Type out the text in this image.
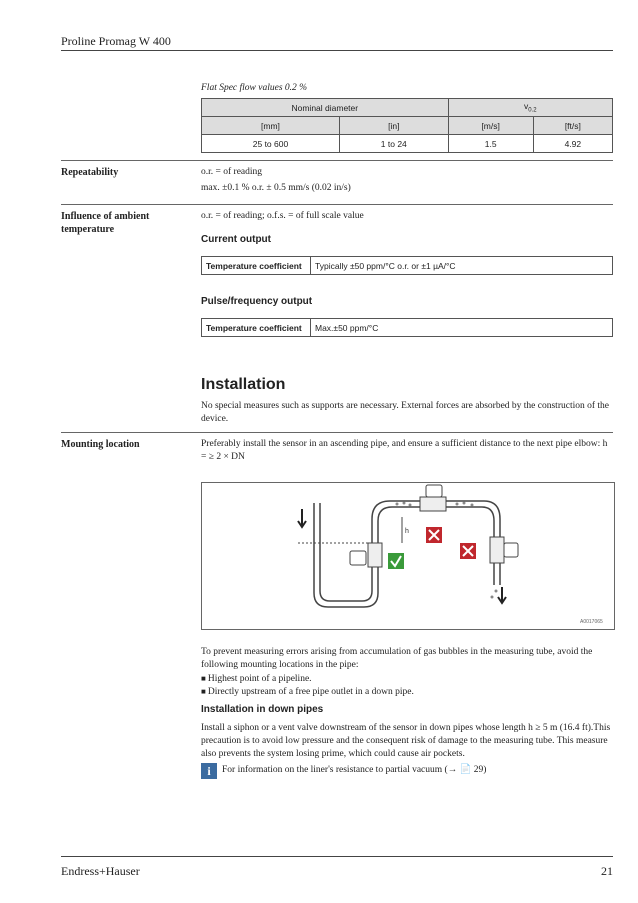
Proline Promag W 400
Flat Spec flow values 0.2 %
Nominal diameter		$v_{0.2}$
[mm]	[in]	[m/s]	[ft/s]
25 to 600	1 to 24	1.5	4.92
Repeatability	o.r. = of reading
max. ±0.1 % o.r. ± 0.5 mm/s (0.02 in/s)
Influence of ambient temperature
o.r. = of reading; o.f.s. = of full scale value
Current output
Temperature coefficient	Typically ±50 ppm/°C o.r. or ±1 µA/°C
Pulse/frequency output
Temperature coefficient	Max.±50 ppm/°C
Installation
No special measures such as supports are necessary. External forces are absorbed by the construction of the device.
Mounting location	Preferably install the sensor in an ascending pipe, and ensure a sufficient distance to the next pipe elbow: h = ≥ 2 × DN
h
A0017065
To prevent measuring errors arising from accumulation of gas bubbles in the measuring tube, avoid the following mounting locations in the pipe:
■ Highest point of a pipeline.
■ Directly upstream of a free pipe outlet in a down pipe.
Installation in down pipes
Install a siphon or a vent valve downstream of the sensor in down pipes whose length h ≥ 5 m (16.4 ft).This precaution is to avoid low pressure and the consequent risk of damage to the measuring tube. This measure also prevents the system losing prime, which could cause air pockets.
i	For information on the liner's resistance to partial vacuum (→ 📄 29)
Endress+Hauser	21
